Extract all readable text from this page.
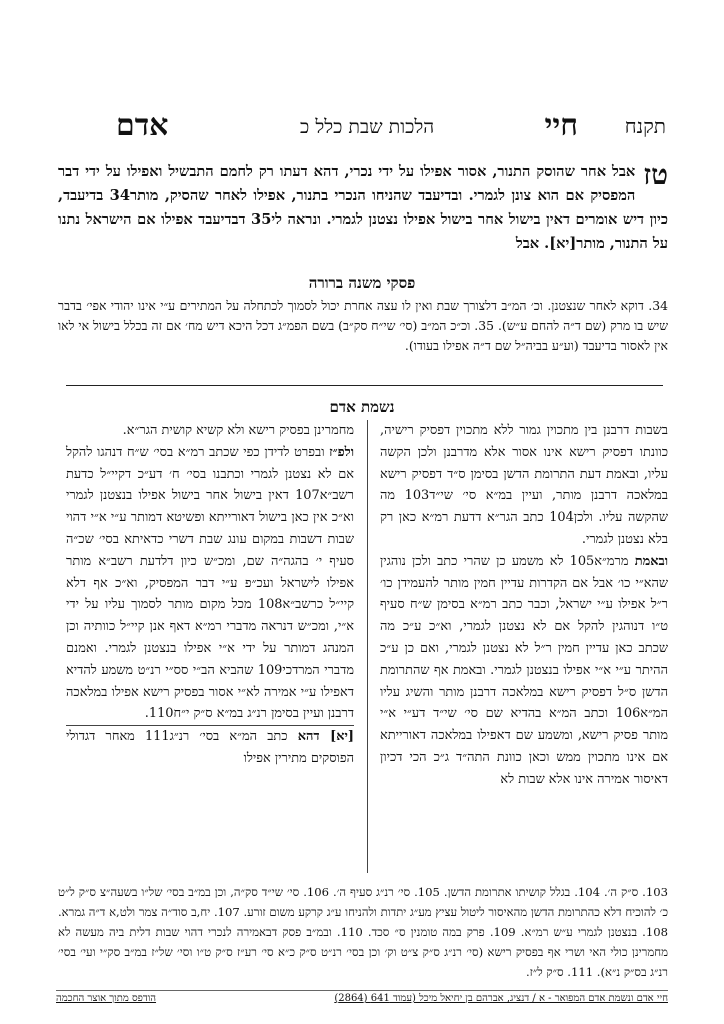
תקנח
חיי
הלכות שבת כלל כ
אדם
טז
אבל אחר שהוסק התנור, אסור אפילו על ידי נכרי, דהא דעתו רק לחמם התבשיל ואפילו על ידי דבר המפסיק אם הוא צונן לגמרי. ובדיעבד שהניחו הנכרי בתנור, אפילו לאחר שהסיק, מותר34 בדיעבד, כיון דיש אומרים דאין בישול אחר בישול אפילו נצטנן לגמרי. ונראה לי35 דבדיעבד אפילו אם הישראל נתנו על התנור, מותר[יא]. אבל
פסקי משנה ברורה
34. דוקא לאחר שנצטנן. וכ׳ המ״ב דלצורך שבת ואין לו עצה אחרת יכול לסמוך לכתחלה על המתירים ע״י אינו יהודי אפי׳ בדבר שיש בו מרק (שם ד״ה להחם ע״ש). 35. וכ״כ המ״ב (סי׳ שי״ח סק״ב) בשם הפמ״ג דכל היכא דיש מח׳ אם זה בכלל בישול אי לאו אין לאסור בדיעבד (וע״ע בביה״ל שם ד״ה אפילו בעודו).
נשמת אדם

בשבות דרבנן בין מתכוין גמור ללא מתכוין דפסיק רישיה, כוונתו דפסיק רישא אינו אסור אלא מדרבנן ולכן הקשה עליו, ובאמת דעת התרומת הדשן בסימן ס״ד דפסיק רישא במלאכה דרבנן מותר, ועיין במ״א סי׳ שי״ד103 מה שהקשה עליו. ולכן104 כתב הגר״א דדעת רמ״א כאן רק בלא נצטנן לגמרי.

ובאמת מרמ״א105 לא משמע כן שהרי כתב ולכן נוהגין שהא״י כו׳ אבל אם הקדרות עדיין חמין מותר להעמידן כו׳ ר״ל אפילו ע״י ישראל, וכבר כתב רמ״א בסימן ש״ח סעיף ט״ו דנוהגין להקל אם לא נצטנן לגמרי, וא״כ ע״כ מה שכתב כאן עדיין חמין ר״ל לא נצטנן לגמרי, ואם כן ע״כ ההיתר ע״י א״י אפילו בנצטנן לגמרי. ובאמת אף שהתרומת הדשן ס״ל דפסיק רישא במלאכה דרבנן מותר והשיג עליו המ״א106 וכתב המ״א בהדיא שם סי׳ שי״ד דע״י א״י מותר פסיק רישא, ומשמע שם דאפילו במלאכה דאורייתא אם אינו מתכוין ממש וכאן כוונת התה״ד ג״כ הכי דכיון דאיסור אמירה אינו אלא שבות לא

מחמרינן בפסיק רישא ולא קשיא קושית הגר״א.

ולפ״ז ובפרט לדידן כפי שכתב רמ״א בסי׳ ש״ח דנהגו להקל אם לא נצטנן לגמרי וכתבנו בסי׳ ח׳ דע״כ דקיי״ל כדעת רשב״א107 דאין בישול אחר בישול אפילו בנצטנן לגמרי וא״כ אין כאן בישול דאורייתא ופשיטא דמותר ע״י א״י דהוי שבות דשבות במקום עונג שבת דשרי כדאיתא בסי׳ שכ״ה סעיף י׳ בהגה״ה שם, ומכ״ש כיון דלדעת רשב״א מותר אפילו לישראל ועכ״פ ע״י דבר המפסיק, וא״כ אף דלא קיי״ל כרשב״א108 מכל מקום מותר לסמוך עליו על ידי א״י, ומכ״ש דנראה מדברי רמ״א דאף אנן קיי״ל כוותיה וכן המנהג דמותר על ידי א״י אפילו בנצטנן לגמרי. ואמנם מדברי המרדכי109 שהביא הב״י סס״י רנ״ט משמע להדיא דאפילו ע״י אמירה לא״י אסור בפסיק רישא אפילו במלאכה דרבנן ועיין בסימן רנ״ג במ״א ס״ק י״ח110.

[יא] דהא כתב המ״א בסי׳ רנ״ג111 מאחר דגדולי הפוסקים מתירין אפילו

103. ס״ק ה׳. 104. בגלל קושיתו אתרומת הדשן. 105. סי׳ רנ״ג סעיף ה׳. 106. סי׳ שי״ד סק״ה, וכן במ״ב בסי׳ של״ו בשעה״צ ס״ק ל״ט כ׳ להוכיח דלא כהתרומת הדשן מהאיסור ליטול עציץ מע״ג יתדות ולהניחו ע״ג קרקע משום זורע. 107. יח,ב סוד״ה צמר ולט,א ד״ה גמרא. 108. בנצטנן לגמרי ע״ש רמ״א. 109. פרק במה טומנין ס״ סכד. 110. ובמ״ב פסק דבאמירה לנכרי דהוי שבות דלית ביה מעשה לא מחמרינן כולי האי ושרי אף בפסיק רישא (סי׳ רנ״ג ס״ק צ״ט וק׳ וכן בסי׳ רנ״ט ס״ק כ״א סי׳ רע״ז ס״ק ט״ו וסי׳ של״ז במ״ב סק״י ועי׳ בסי׳ רנ״ג בס״ק נ״א). 111. ס״ק ל״ז.
חיי אדם ונשמת אדם המפואר - א / דנציג, אברהם בן יחיאל מיכל (עמוד 641 (2864)
הודפס מתוך אוצר החכמה
